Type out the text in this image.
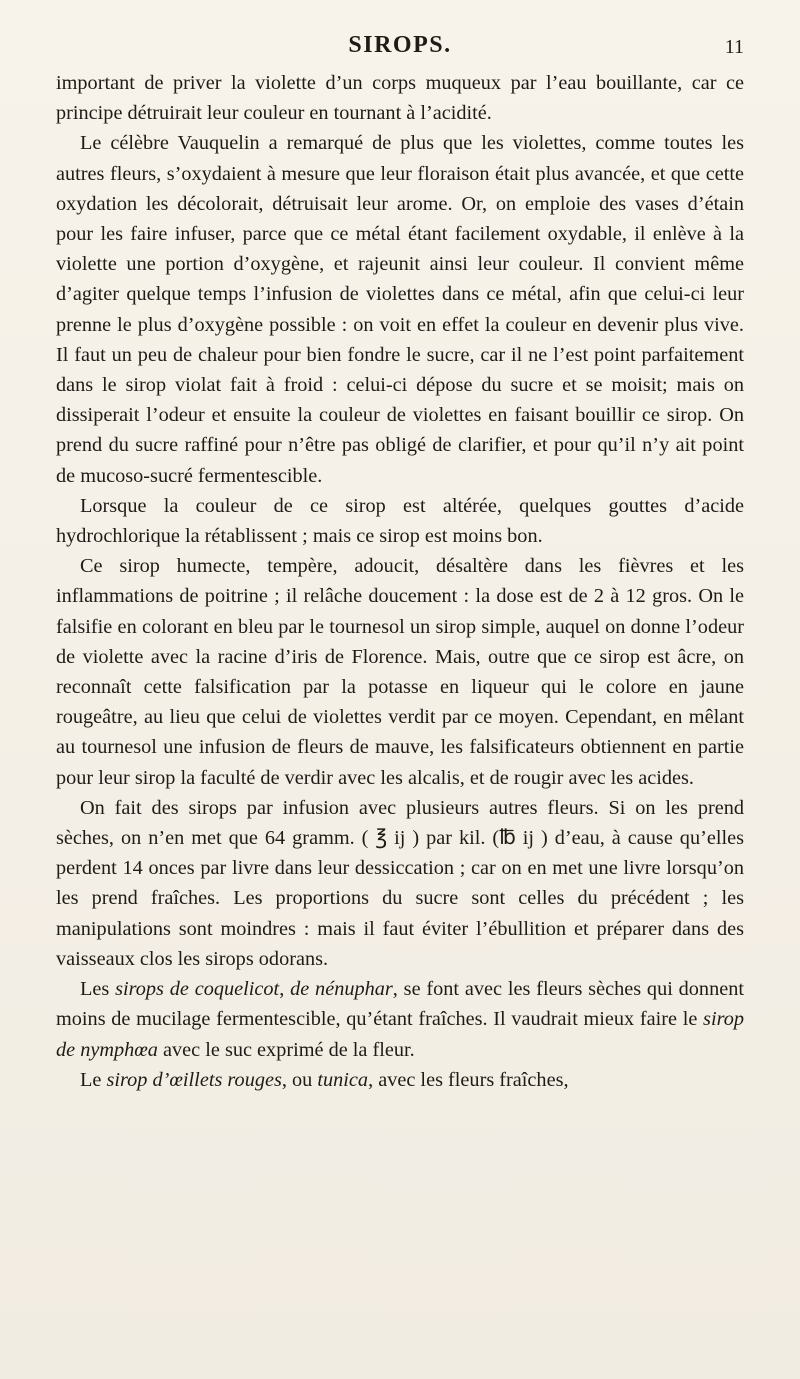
SIROPS.	11

important de priver la violette d’un corps muqueux par l’eau bouillante, car ce principe détruirait leur couleur en tournant à l’acidité.

Le célèbre Vauquelin a remarqué de plus que les violettes, comme toutes les autres fleurs, s’oxydaient à mesure que leur floraison était plus avancée, et que cette oxydation les décolorait, détruisait leur arome. Or, on emploie des vases d’étain pour les faire infuser, parce que ce métal étant facilement oxydable, il enlève à la violette une portion d’oxygène, et rajeunit ainsi leur couleur. Il convient même d’agiter quelque temps l’infusion de violettes dans ce métal, afin que celui-ci leur prenne le plus d’oxygène possible : on voit en effet la couleur en devenir plus vive. Il faut un peu de chaleur pour bien fondre le sucre, car il ne l’est point parfaitement dans le sirop violat fait à froid : celui-ci dépose du sucre et se moisit; mais on dissiperait l’odeur et ensuite la couleur de violettes en faisant bouillir ce sirop. On prend du sucre raffiné pour n’être pas obligé de clarifier, et pour qu’il n’y ait point de mucoso-sucré fermentescible.

Lorsque la couleur de ce sirop est altérée, quelques gouttes d’acide hydrochlorique la rétablissent ; mais ce sirop est moins bon.

Ce sirop humecte, tempère, adoucit, désaltère dans les fièvres et les inflammations de poitrine ; il relâche doucement : la dose est de 2 à 12 gros. On le falsifie en colorant en bleu par le tournesol un sirop simple, auquel on donne l’odeur de violette avec la racine d’iris de Florence. Mais, outre que ce sirop est âcre, on reconnaît cette falsification par la potasse en liqueur qui le colore en jaune rougeâtre, au lieu que celui de violettes verdit par ce moyen. Cependant, en mêlant au tournesol une infusion de fleurs de mauve, les falsificateurs obtiennent en partie pour leur sirop la faculté de verdir avec les alcalis, et de rougir avec les acides.

On fait des sirops par infusion avec plusieurs autres fleurs. Si on les prend sèches, on n’en met que 64 gramm. ( ℥ ij ) par kil. (℔ ij ) d’eau, à cause qu’elles perdent 14 onces par livre dans leur dessiccation ; car on en met une livre lorsqu’on les prend fraîches. Les proportions du sucre sont celles du précédent ; les manipulations sont moindres : mais il faut éviter l’ébullition et préparer dans des vaisseaux clos les sirops odorans.

Les sirops de coquelicot, de nénuphar, se font avec les fleurs sèches qui donnent moins de mucilage fermentescible, qu’étant fraîches. Il vaudrait mieux faire le sirop de nymphœa avec le suc exprimé de la fleur.

Le sirop d’œillets rouges, ou tunica, avec les fleurs fraîches,
